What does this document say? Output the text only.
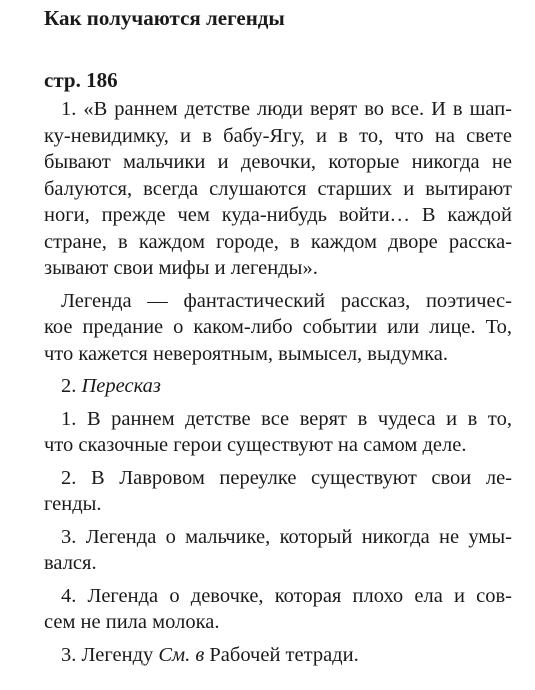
Как получаются легенды
стр. 186
1. «В раннем детстве люди верят во все. И в шап-
ку-невидимку, и в бабу-Ягу, и в то, что на свете
бывают мальчики и девочки, которые никогда не
балуются, всегда слушаются старших и вытирают
ноги, прежде чем куда-нибудь войти… В каждой
стране, в каждом городе, в каждом дворе расска-
зывают свои мифы и легенды».
Легенда — фантастический рассказ, поэтичес-
кое предание о каком-либо событии или лице. То,
что кажется невероятным, вымысел, выдумка.
2. Пересказ
1. В раннем детстве все верят в чудеса и в то,
что сказочные герои существуют на самом деле.
2. В Лавровом переулке существуют свои ле-
генды.
3. Легенда о мальчике, который никогда не умы-
вался.
4. Легенда о девочке, которая плохо ела и сов-
сем не пила молока.
3. Легенду См. в Рабочей тетради.
